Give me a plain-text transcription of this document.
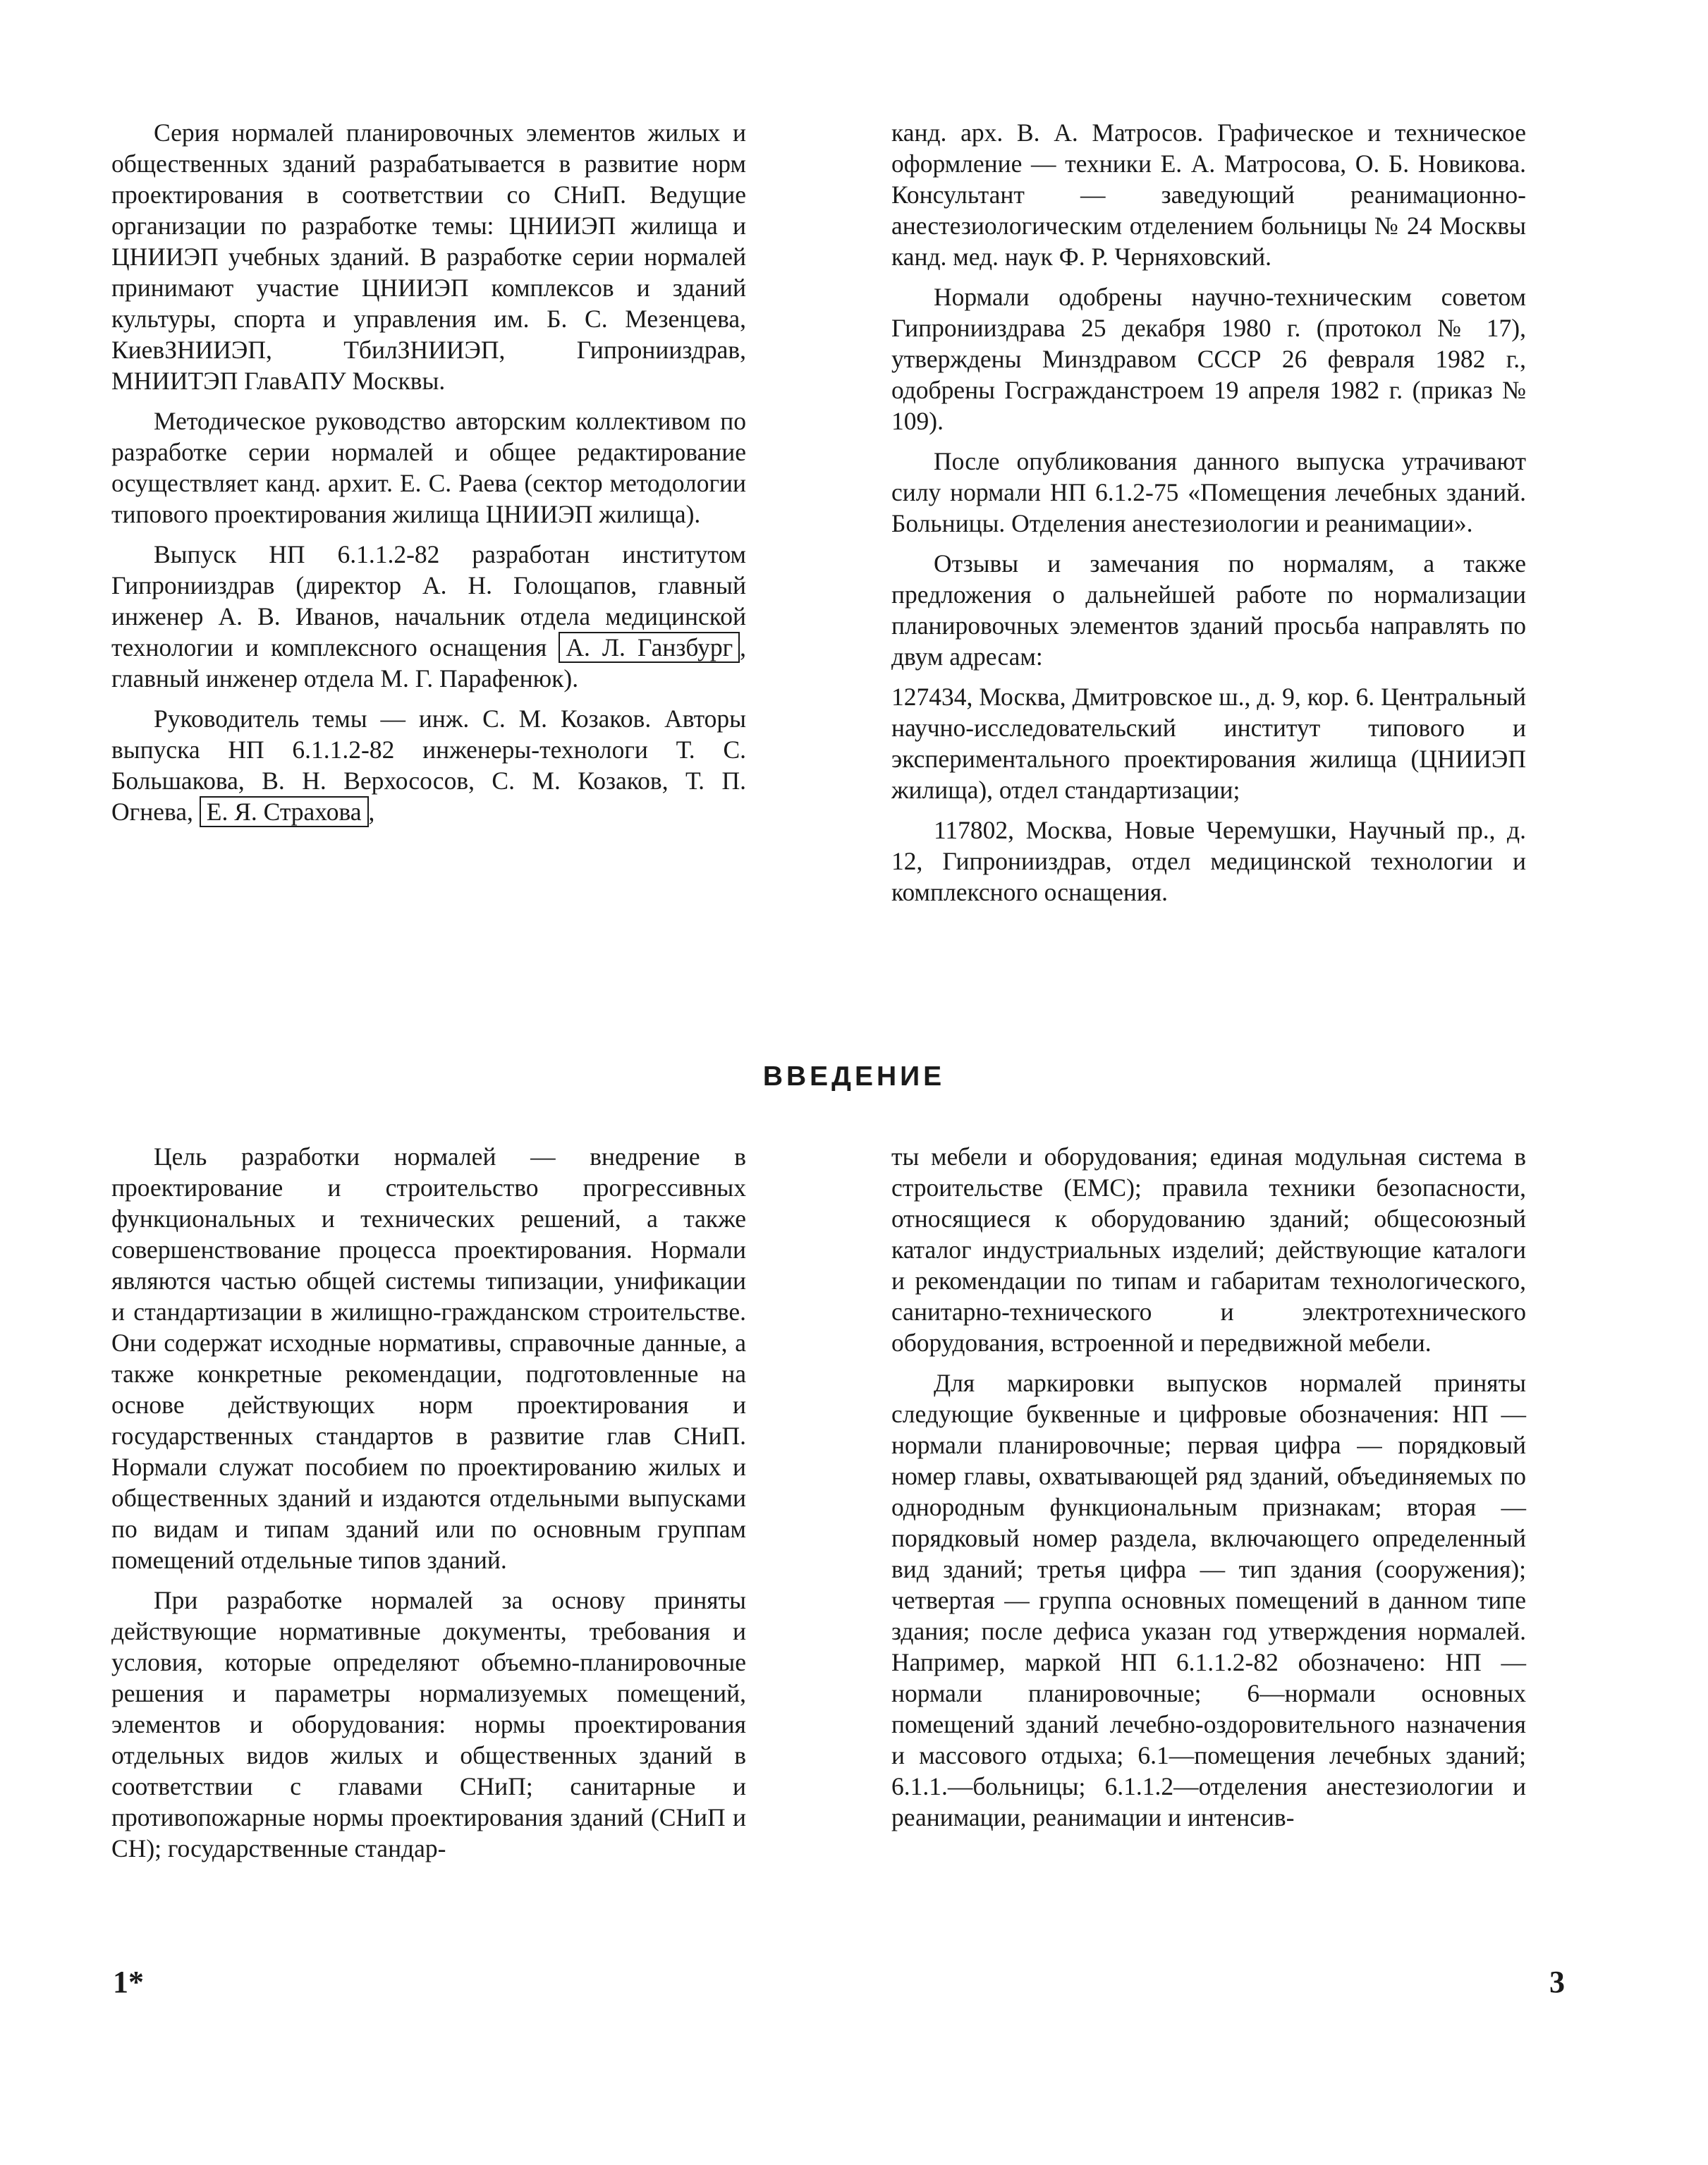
Серия нормалей планировочных элементов жилых и общественных зданий разрабатывается в развитие норм проектирования в соответствии со СНиП. Ведущие организации по разработке темы: ЦНИИЭП жилища и ЦНИИЭП учебных зданий. В разработке серии нормалей принимают участие ЦНИИЭП комплексов и зданий культуры, спорта и управления им. Б. С. Мезенцева, КиевЗНИИЭП, ТбилЗНИИЭП, Гипронииздрав, МНИИТЭП ГлавАПУ Москвы.

Методическое руководство авторским коллективом по разработке серии нормалей и общее редактирование осуществляет канд. архит. Е. С. Раева (сектор методологии типового проектирования жилища ЦНИИЭП жилища).

Выпуск НП 6.1.1.2-82 разработан институтом Гипронииздрав (директор А. Н. Голощапов, главный инженер А. В. Иванов, начальник отдела медицинской технологии и комплексного оснащения А. Л. Ганзбург , главный инженер отдела М. Г. Парафенюк).

Руководитель темы — инж. С. М. Козаков. Авторы выпуска НП 6.1.1.2-82 инженеры-технологи Т. С. Большакова, В. Н. Верхососов, С. М. Козаков, Т. П. Огнева, Е. Я. Страхова ,

канд. арх. В. А. Матросов. Графическое и техническое оформление — техники Е. А. Матросова, О. Б. Новикова. Консультант — заведующий реанимационно-анестезиологическим отделением больницы № 24 Москвы канд. мед. наук Ф. Р. Черняховский.

Нормали одобрены научно-техническим советом Гипронииздрава 25 декабря 1980 г. (протокол № 17), утверждены Минздравом СССР 26 февраля 1982 г., одобрены Госгражданстроем 19 апреля 1982 г. (приказ № 109).

После опубликования данного выпуска утрачивают силу нормали НП 6.1.2-75 «Помещения лечебных зданий. Больницы. Отделения анестезиологии и реанимации».

Отзывы и замечания по нормалям, а также предложения о дальнейшей работе по нормализации планировочных элементов зданий просьба направлять по двум адресам:

127434, Москва, Дмитровское ш., д. 9, кор. 6. Центральный научно-исследовательский институт типового и экспериментального проектирования жилища (ЦНИИЭП жилища), отдел стандартизации;

117802, Москва, Новые Черемушки, Научный пр., д. 12, Гипронииздрав, отдел медицинской технологии и комплексного оснащения.

ВВЕДЕНИЕ

Цель разработки нормалей — внедрение в проектирование и строительство прогрессивных функциональных и технических решений, а также совершенствование процесса проектирования. Нормали являются частью общей системы типизации, унификации и стандартизации в жилищно-гражданском строительстве. Они содержат исходные нормативы, справочные данные, а также конкретные рекомендации, подготовленные на основе действующих норм проектирования и государственных стандартов в развитие глав СНиП. Нормали служат пособием по проектированию жилых и общественных зданий и издаются отдельными выпусками по видам и типам зданий или по основным группам помещений отдельные типов зданий.

При разработке нормалей за основу приняты действующие нормативные документы, требования и условия, которые определяют объемно-планировочные решения и параметры нормализуемых помещений, элементов и оборудования: нормы проектирования отдельных видов жилых и общественных зданий в соответствии с главами СНиП; санитарные и противопожарные нормы проектирования зданий (СНиП и СН); государственные стандар-

ты мебели и оборудования; единая модульная система в строительстве (ЕМС); правила техники безопасности, относящиеся к оборудованию зданий; общесоюзный каталог индустриальных изделий; действующие каталоги и рекомендации по типам и габаритам технологического, санитарно-технического и электротехнического оборудования, встроенной и передвижной мебели.

Для маркировки выпусков нормалей приняты следующие буквенные и цифровые обозначения: НП — нормали планировочные; первая цифра — порядковый номер главы, охватывающей ряд зданий, объединяемых по однородным функциональным признакам; вторая — порядковый номер раздела, включающего определенный вид зданий; третья цифра — тип здания (сооружения); четвертая — группа основных помещений в данном типе здания; после дефиса указан год утверждения нормалей. Например, маркой НП 6.1.1.2-82 обозначено: НП — нормали планировочные; 6—нормали основных помещений зданий лечебно-оздоровительного назначения и массового отдыха; 6.1—помещения лечебных зданий; 6.1.1.—больницы; 6.1.1.2—отделения анестезиологии и реанимации, реанимации и интенсив-

1*	3
